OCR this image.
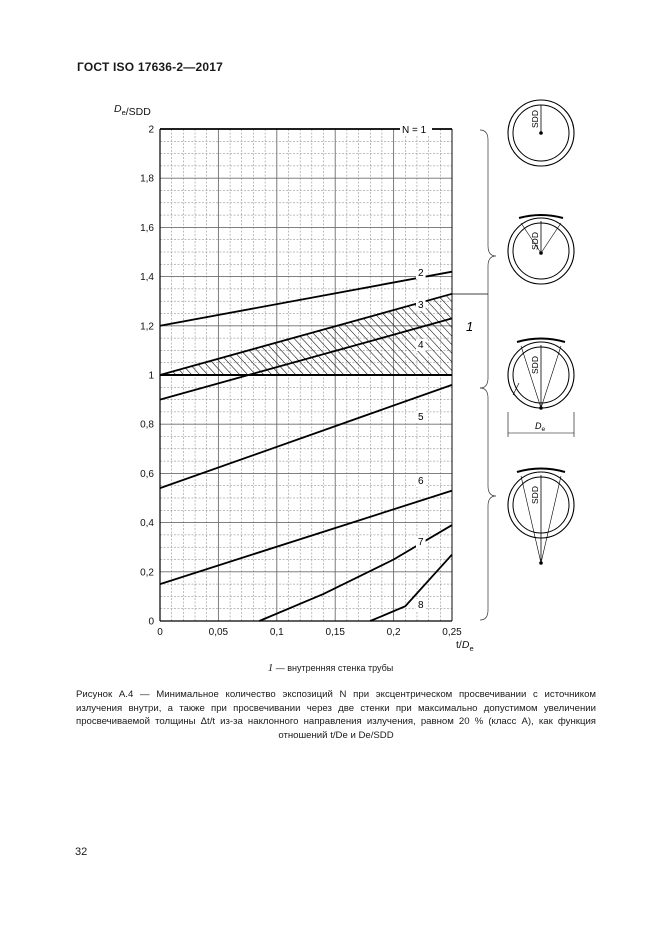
ГОСТ ISO 17636-2—2017
0
0,2
0,4
0,6
0,8
1
1,2
1,4
1,6
1,8
2
0	0,05	0,1	0,15	0,2	0,25
$D_e$/SDD
$t/D_e$
N = 1
2
3
4
5
6
7
8
1
SDD
SDD
$D_e$
SDD
SDD
1 — внутренняя стенка трубы
Рисунок А.4 — Минимальное количество экспозиций N при эксцентрическом просвечивании с источником излучения внутри, а также при просвечивании через две стенки при максимально допустимом увеличении просвечиваемой толщины Δt/t из-за наклонного направления излучения, равном 20 % (класс А), как функция отношений t/De и De/SDD
32
